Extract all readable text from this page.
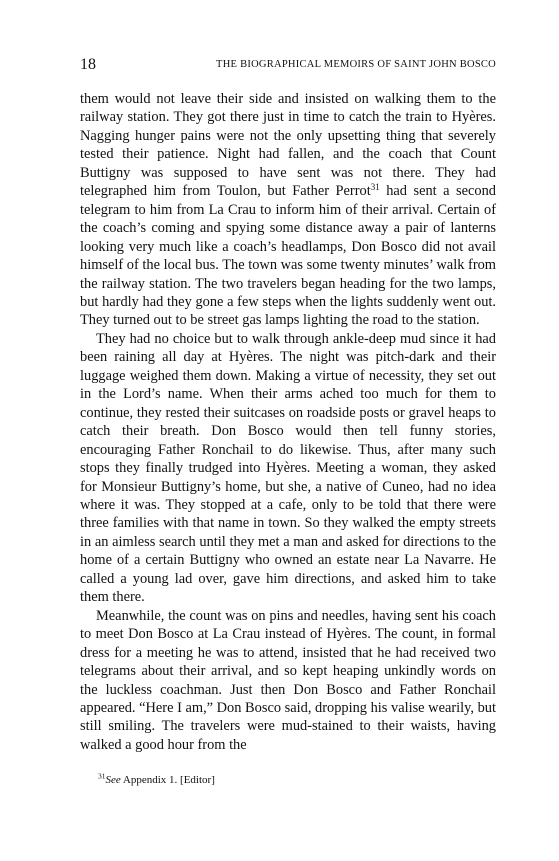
18	THE BIOGRAPHICAL MEMOIRS OF SAINT JOHN BOSCO

them would not leave their side and insisted on walking them to the railway station. They got there just in time to catch the train to Hyères. Nagging hunger pains were not the only upsetting thing that severely tested their patience. Night had fallen, and the coach that Count Buttigny was supposed to have sent was not there. They had telegraphed him from Toulon, but Father Perrot$^{31}$ had sent a second telegram to him from La Crau to inform him of their arrival. Certain of the coach’s coming and spying some distance away a pair of lanterns looking very much like a coach’s headlamps, Don Bosco did not avail himself of the local bus. The town was some twenty minutes’ walk from the railway station. The two travelers began heading for the two lamps, but hardly had they gone a few steps when the lights suddenly went out. They turned out to be street gas lamps lighting the road to the station.

They had no choice but to walk through ankle-deep mud since it had been raining all day at Hyères. The night was pitch-dark and their luggage weighed them down. Making a virtue of necessity, they set out in the Lord’s name. When their arms ached too much for them to continue, they rested their suitcases on roadside posts or gravel heaps to catch their breath. Don Bosco would then tell funny stories, encouraging Father Ronchail to do likewise. Thus, after many such stops they finally trudged into Hyères. Meeting a woman, they asked for Monsieur Buttigny’s home, but she, a native of Cuneo, had no idea where it was. They stopped at a cafe, only to be told that there were three families with that name in town. So they walked the empty streets in an aimless search until they met a man and asked for directions to the home of a certain Buttigny who owned an estate near La Navarre. He called a young lad over, gave him directions, and asked him to take them there.

Meanwhile, the count was on pins and needles, having sent his coach to meet Don Bosco at La Crau instead of Hyères. The count, in formal dress for a meeting he was to attend, insisted that he had received two telegrams about their arrival, and so kept heaping unkindly words on the luckless coachman. Just then Don Bosco and Father Ronchail appeared. “Here I am,” Don Bosco said, dropping his valise wearily, but still smiling. The travelers were mud-stained to their waists, having walked a good hour from the

$^{31}$See Appendix 1. [Editor]
